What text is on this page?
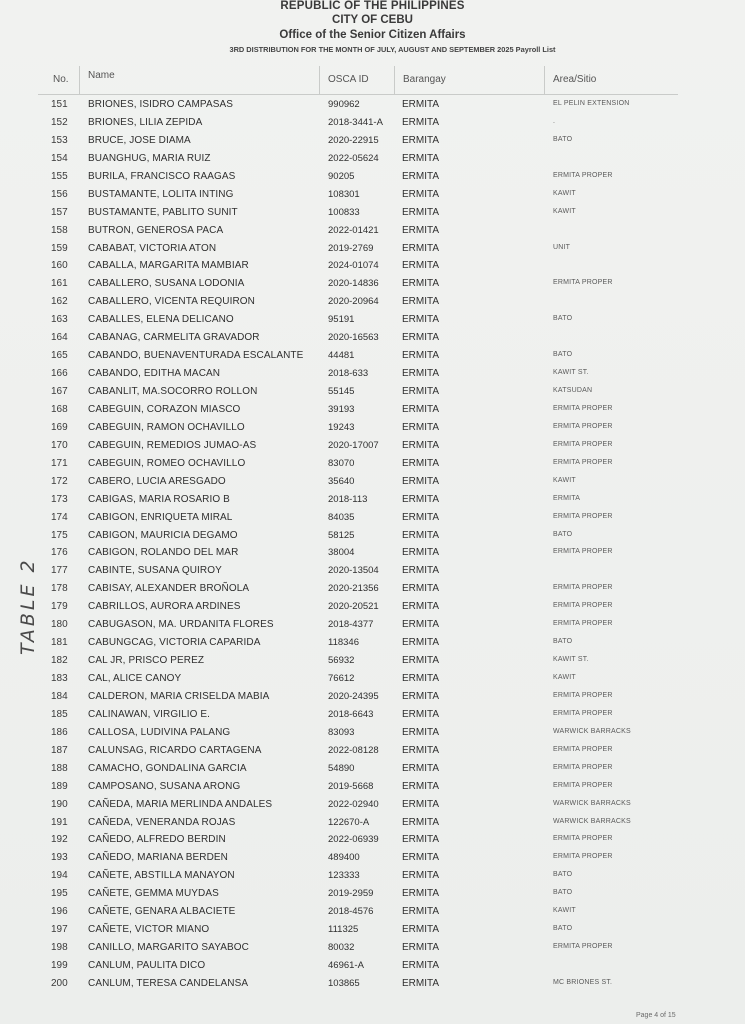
REPUBLIC OF THE PHILIPPINES
CITY OF CEBU
Office of the Senior Citizen Affairs
3RD DISTRIBUTION FOR THE MONTH OF JULY, AUGUST AND SEPTEMBER 2025 Payroll List
No. Name	OSCA ID	Barangay	Area/Sitio
151	BRIONES, ISIDRO CAMPASAS	990962	ERMITA	EL PELIN EXTENSION
152	BRIONES, LILIA ZEPIDA	2018-3441-A ERMITA	.
153	BRUCE, JOSE DIAMA	2020-22915 ERMITA	BATO
154	BUANGHUG, MARIA RUIZ	2022-05624 ERMITA
155	BURILA, FRANCISCO RAAGAS	90205	ERMITA	ERMITA PROPER
156	BUSTAMANTE, LOLITA INTING	108301	ERMITA	KAWIT
157	BUSTAMANTE, PABLITO SUNIT	100833	ERMITA	KAWIT
158	BUTRON, GENEROSA PACA	2022-01421 ERMITA
159	CABABAT, VICTORIA ATON	2019-2769	ERMITA	UNIT
160	CABALLA, MARGARITA MAMBIAR	2024-01074 ERMITA
161	CABALLERO, SUSANA LODONIA	2020-14836 ERMITA	ERMITA PROPER
162	CABALLERO, VICENTA REQUIRON	2020-20964 ERMITA
163	CABALLES, ELENA DELICANO	95191	ERMITA	BATO
164	CABANAG, CARMELITA GRAVADOR	2020-16563 ERMITA
165	CABANDO, BUENAVENTURADA ESCALANTE	44481	ERMITA	BATO
166	CABANDO, EDITHA MACAN	2018-633	ERMITA	KAWIT ST.
167	CABANLIT, MA.SOCORRO ROLLON	55145	ERMITA	KATSUDAN
168	CABEGUIN, CORAZON MIASCO	39193	ERMITA	ERMITA PROPER
169	CABEGUIN, RAMON OCHAVILLO	19243	ERMITA	ERMITA PROPER
170	CABEGUIN, REMEDIOS JUMAO-AS	2020-17007 ERMITA	ERMITA PROPER
171	CABEGUIN, ROMEO OCHAVILLO	83070	ERMITA	ERMITA PROPER
172	CABERO, LUCIA ARESGADO	35640	ERMITA	KAWIT
173	CABIGAS, MARIA ROSARIO B	2018-113	ERMITA	ERMITA
174	CABIGON, ENRIQUETA MIRAL	84035	ERMITA	ERMITA PROPER
175	CABIGON, MAURICIA DEGAMO	58125	ERMITA	BATO
176	CABIGON, ROLANDO DEL MAR	38004	ERMITA	ERMITA PROPER
177	CABINTE, SUSANA QUIROY	2020-13504 ERMITA
178	CABISAY, ALEXANDER BROÑOLA	2020-21356 ERMITA	ERMITA PROPER
179	CABRILLOS, AURORA ARDINES	2020-20521 ERMITA	ERMITA PROPER
180	CABUGASON, MA. URDANITA FLORES	2018-4377	ERMITA	ERMITA PROPER
181	CABUNGCAG, VICTORIA CAPARIDA	118346	ERMITA	BATO
182	CAL JR, PRISCO PEREZ	56932	ERMITA	KAWIT ST.
183	CAL, ALICE CANOY	76612	ERMITA	KAWIT
184	CALDERON, MARIA CRISELDA MABIA	2020-24395 ERMITA	ERMITA PROPER
185	CALINAWAN, VIRGILIO E.	2018-6643	ERMITA	ERMITA PROPER
186	CALLOSA, LUDIVINA PALANG	83093	ERMITA	WARWICK BARRACKS
187	CALUNSAG, RICARDO CARTAGENA	2022-08128 ERMITA	ERMITA PROPER
188	CAMACHO, GONDALINA GARCIA	54890	ERMITA	ERMITA PROPER
189	CAMPOSANO, SUSANA ARONG	2019-5668	ERMITA	ERMITA PROPER
190	CAÑEDA, MARIA MERLINDA ANDALES	2022-02940 ERMITA	WARWICK BARRACKS
191	CAÑEDA, VENERANDA ROJAS	122670-A	ERMITA	WARWICK BARRACKS
192	CAÑEDO, ALFREDO BERDIN	2022-06939 ERMITA	ERMITA PROPER
193	CAÑEDO, MARIANA BERDEN	489400	ERMITA	ERMITA PROPER
194	CAÑETE, ABSTILLA MANAYON	123333	ERMITA	BATO
195	CAÑETE, GEMMA MUYDAS	2019-2959	ERMITA	BATO
196	CAÑETE, GENARA ALBACIETE	2018-4576	ERMITA	KAWIT
197	CAÑETE, VICTOR MIANO	111325	ERMITA	BATO
198	CANILLO, MARGARITO SAYABOC	80032	ERMITA	ERMITA PROPER
199	CANLUM, PAULITA DICO	46961-A	ERMITA
200	CANLUM, TERESA CANDELANSA	103865	ERMITA	MC BRIONES ST.
TABLE 2
Page 4 of 15
